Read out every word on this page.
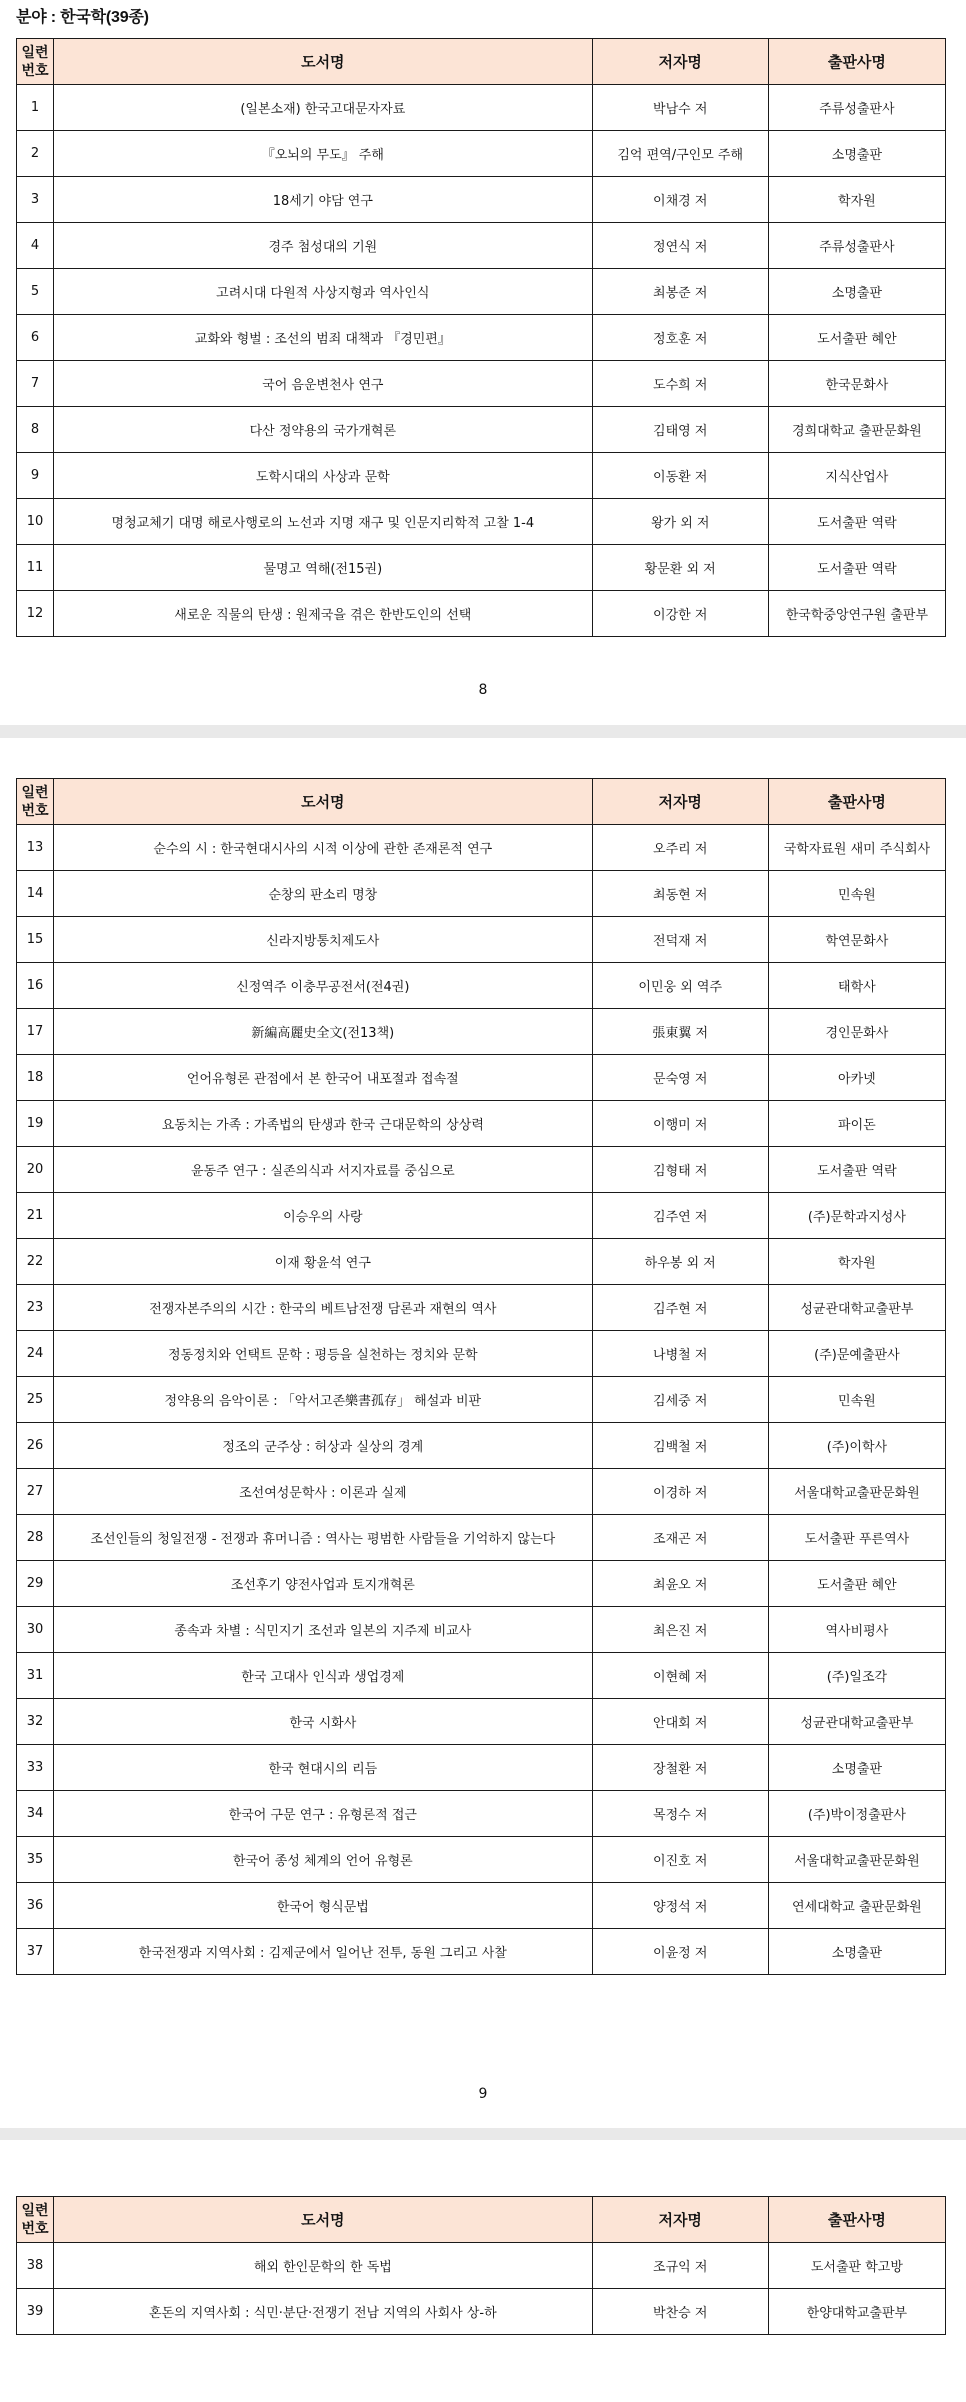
분야 : 한국학(39종)
일련
번호	도서명	저자명	출판사명
1	(일본소재) 한국고대문자자료	박남수 저	주류성출판사
2	『오뇌의 무도』 주해	김억 편역/구인모 주해	소명출판
3	18세기 야담 연구	이채경 저	학자원
4	경주 첨성대의 기원	정연식 저	주류성출판사
5	고려시대 다원적 사상지형과 역사인식	최봉준 저	소명출판
6	교화와 형벌 : 조선의 범죄 대책과 『경민편』	정호훈 저	도서출판 혜안
7	국어 음운변천사 연구	도수희 저	한국문화사
8	다산 정약용의 국가개혁론	김태영 저	경희대학교 출판문화원
9	도학시대의 사상과 문학	이동환 저	지식산업사
10	명청교체기 대명 해로사행로의 노선과 지명 재구 및 인문지리학적 고찰 1-4	왕가 외 저	도서출판 역락
11	물명고 역해(전15권)	황문환 외 저	도서출판 역락
12	새로운 직물의 탄생 : 원제국을 겪은 한반도인의 선택	이강한 저	한국학중앙연구원 출판부
8
일련
번호	도서명	저자명	출판사명
13	순수의 시 : 한국현대시사의 시적 이상에 관한 존재론적 연구	오주리 저	국학자료원 새미 주식회사
14	순창의 판소리 명창	최동현 저	민속원
15	신라지방통치제도사	전덕재 저	학연문화사
16	신정역주 이충무공전서(전4권)	이민웅 외 역주	태학사
17	新編高麗史全文(전13책)	張東翼 저	경인문화사
18	언어유형론 관점에서 본 한국어 내포절과 접속절	문숙영 저	아카넷
19	요동치는 가족 : 가족법의 탄생과 한국 근대문학의 상상력	이행미 저	파이돈
20	윤동주 연구 : 실존의식과 서지자료를 중심으로	김형태 저	도서출판 역락
21	이승우의 사랑	김주연 저	(주)문학과지성사
22	이재 황윤석 연구	하우봉 외 저	학자원
23	전쟁자본주의의 시간 : 한국의 베트남전쟁 담론과 재현의 역사	김주현 저	성균관대학교출판부
24	정동정치와 언택트 문학 : 평등을 실천하는 정치와 문학	나병철 저	(주)문예출판사
25	정약용의 음악이론 : 「악서고존樂書孤存」 해설과 비판	김세중 저	민속원
26	정조의 군주상 : 허상과 실상의 경계	김백철 저	(주)이학사
27	조선여성문학사 : 이론과 실제	이경하 저	서울대학교출판문화원
28	조선인들의 청일전쟁 - 전쟁과 휴머니즘 : 역사는 평범한 사람들을 기억하지 않는다	조재곤 저	도서출판 푸른역사
29	조선후기 양전사업과 토지개혁론	최윤오 저	도서출판 혜안
30	종속과 차별 : 식민지기 조선과 일본의 지주제 비교사	최은진 저	역사비평사
31	한국 고대사 인식과 생업경제	이현혜 저	(주)일조각
32	한국 시화사	안대회 저	성균관대학교출판부
33	한국 현대시의 리듬	장철환 저	소명출판
34	한국어 구문 연구 : 유형론적 접근	목정수 저	(주)박이정출판사
35	한국어 종성 체계의 언어 유형론	이진호 저	서울대학교출판문화원
36	한국어 형식문법	양정석 저	연세대학교 출판문화원
37	한국전쟁과 지역사회 : 김제군에서 일어난 전투, 동원 그리고 사찰	이윤정 저	소명출판
9
일련
번호	도서명	저자명	출판사명
38	해외 한인문학의 한 독법	조규익 저	도서출판 학고방
39	혼돈의 지역사회 : 식민·분단·전쟁기 전남 지역의 사회사 상-하	박찬승 저	한양대학교출판부
